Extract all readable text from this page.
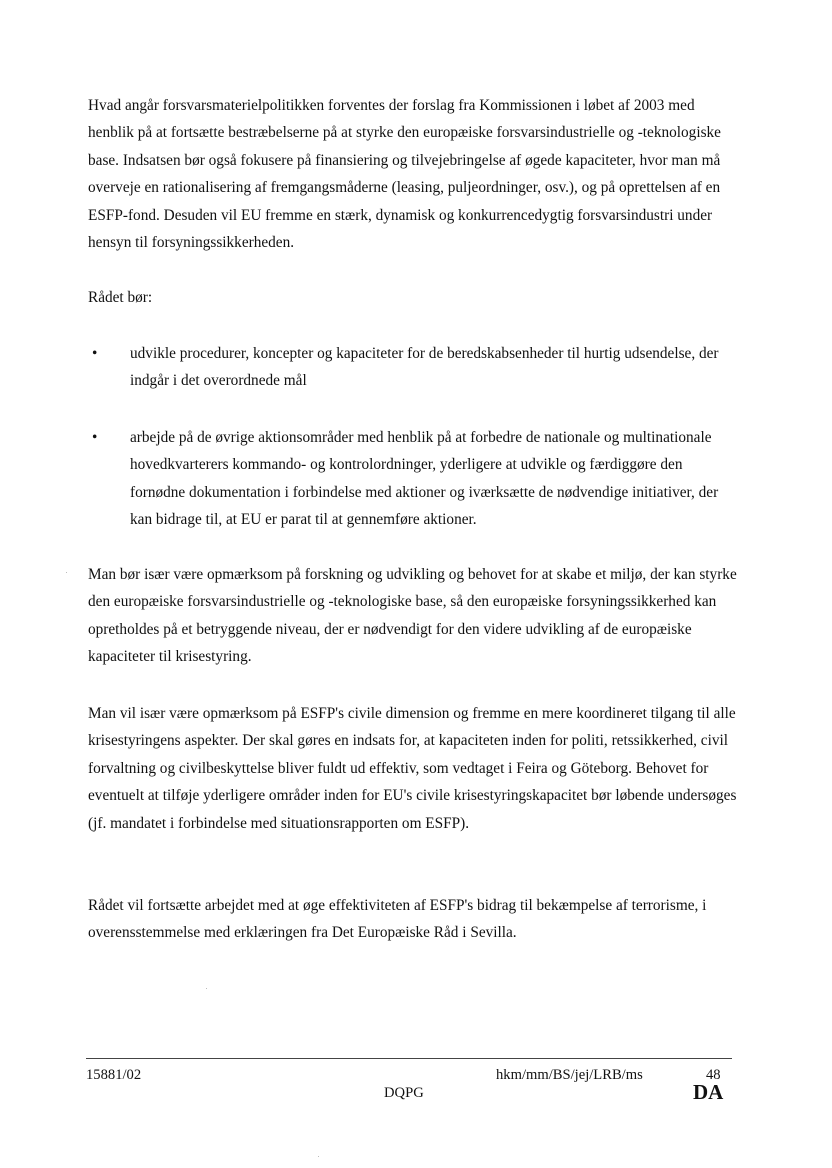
Hvad angår forsvarsmaterielpolitikken forventes der forslag fra Kommissionen i løbet af 2003 med henblik på at fortsætte bestræbelserne på at styrke den europæiske forsvarsindustrielle og -teknologiske base. Indsatsen bør også fokusere på finansiering og tilvejebringelse af øgede kapaciteter, hvor man må overveje en rationalisering af fremgangsmåderne (leasing, puljeordninger, osv.), og på oprettelsen af en ESFP-fond. Desuden vil EU fremme en stærk, dynamisk og konkurrencedygtig forsvarsindustri under hensyn til forsyningssikkerheden.

Rådet bør:

• udvikle procedurer, koncepter og kapaciteter for de beredskabsenheder til hurtig udsendelse, der indgår i det overordnede mål

• arbejde på de øvrige aktionsområder med henblik på at forbedre de nationale og multinationale hovedkvarterers kommando- og kontrolordninger, yderligere at udvikle og færdiggøre den fornødne dokumentation i forbindelse med aktioner og iværksætte de nødvendige initiativer, der kan bidrage til, at EU er parat til at gennemføre aktioner.

Man bør især være opmærksom på forskning og udvikling og behovet for at skabe et miljø, der kan styrke den europæiske forsvarsindustrielle og -teknologiske base, så den europæiske forsyningssikkerhed kan opretholdes på et betryggende niveau, der er nødvendigt for den videre udvikling af de europæiske kapaciteter til krisestyring.

Man vil især være opmærksom på ESFP's civile dimension og fremme en mere koordineret tilgang til alle krisestyringens aspekter. Der skal gøres en indsats for, at kapaciteten inden for politi, retssikkerhed, civil forvaltning og civilbeskyttelse bliver fuldt ud effektiv, som vedtaget i Feira og Göteborg. Behovet for eventuelt at tilføje yderligere områder inden for EU's civile krisestyringskapacitet bør løbende undersøges (jf. mandatet i forbindelse med situationsrapporten om ESFP).

Rådet vil fortsætte arbejdet med at øge effektiviteten af ESFP's bidrag til bekæmpelse af terrorisme, i overensstemmelse med erklæringen fra Det Europæiske Råd i Sevilla.

15881/02	hkm/mm/BS/jej/LRB/ms	48
DQPG	DA
